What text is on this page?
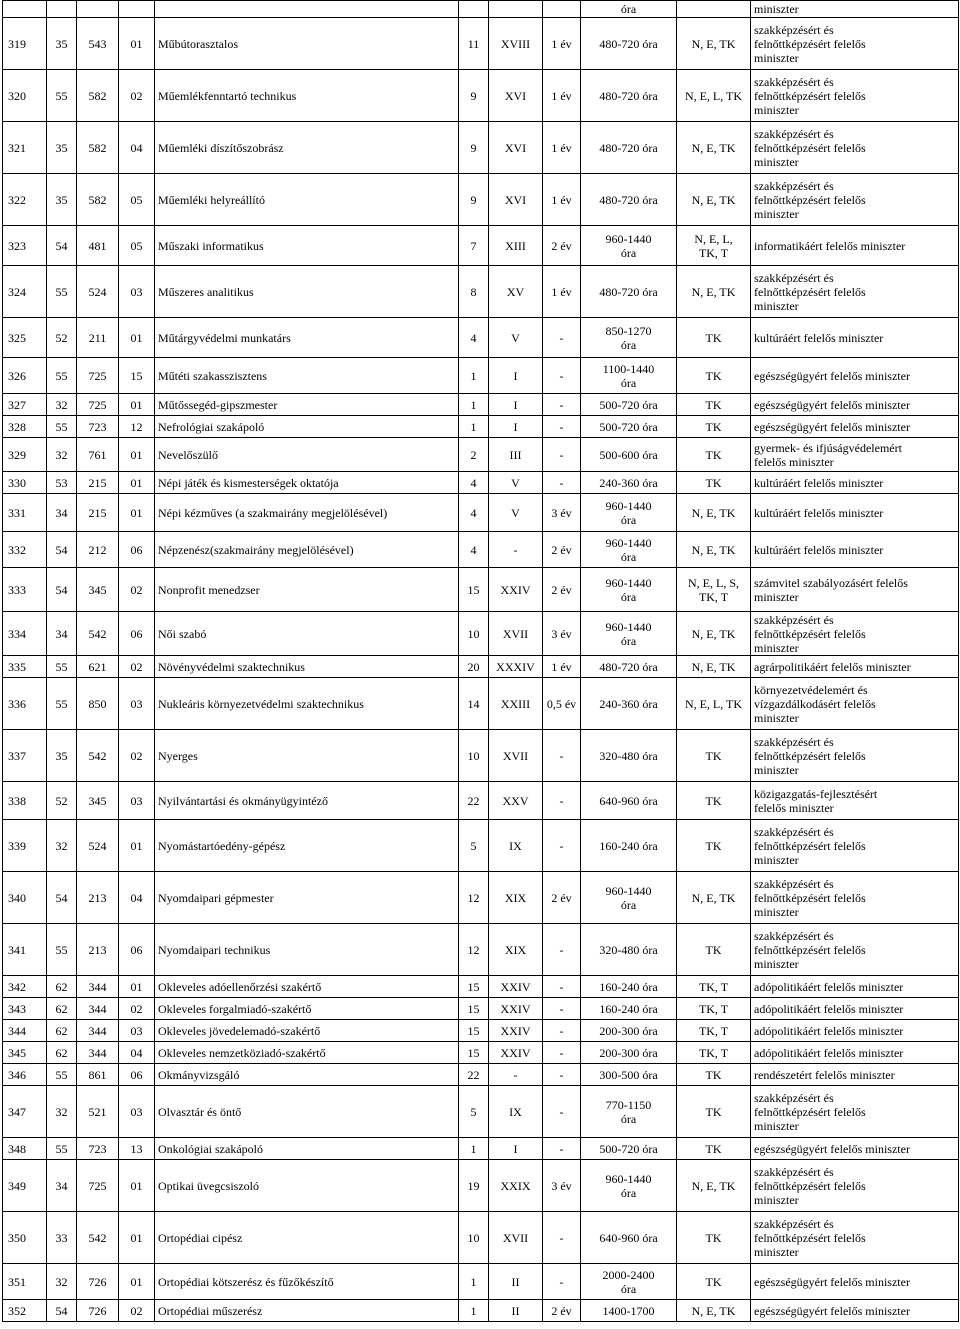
								óra		miniszter
319	35	543	01	Műbútorasztalos	11	XVIII	1 év	480-720 óra	N, E, TK	szakképzésért és
felnőttképzésért felelős
miniszter
320	55	582	02	Műemlékfenntartó technikus	9	XVI	1 év	480-720 óra	N, E, L, TK	szakképzésért és
felnőttképzésért felelős
miniszter
321	35	582	04	Műemléki díszítőszobrász	9	XVI	1 év	480-720 óra	N, E, TK	szakképzésért és
felnőttképzésért felelős
miniszter
322	35	582	05	Műemléki helyreállító	9	XVI	1 év	480-720 óra	N, E, TK	szakképzésért és
felnőttképzésért felelős
miniszter
323	54	481	05	Műszaki informatikus	7	XIII	2 év	960-1440
óra	N, E, L,
TK, T	informatikáért felelős miniszter
324	55	524	03	Műszeres analitikus	8	XV	1 év	480-720 óra	N, E, TK	szakképzésért és
felnőttképzésért felelős
miniszter
325	52	211	01	Műtárgyvédelmi munkatárs	4	V	-	850-1270
óra	TK	kultúráért felelős miniszter
326	55	725	15	Műtéti szakasszisztens	1	I	-	1100-1440
óra	TK	egészségügyért felelős miniszter
327	32	725	01	Műtőssegéd-gipszmester	1	I	-	500-720 óra	TK	egészségügyért felelős miniszter
328	55	723	12	Nefrológiai szakápoló	1	I	-	500-720 óra	TK	egészségügyért felelős miniszter
329	32	761	01	Nevelőszülő	2	III	-	500-600 óra	TK	gyermek- és ifjúságvédelemért
felelős miniszter
330	53	215	01	Népi játék és kismesterségek oktatója	4	V	-	240-360 óra	TK	kultúráért felelős miniszter
331	34	215	01	Népi kézműves (a szakmairány megjelölésével)	4	V	3 év	960-1440
óra	N, E, TK	kultúráért felelős miniszter
332	54	212	06	Népzenész(szakmairány megjelölésével)	4	-	2 év	960-1440
óra	N, E, TK	kultúráért felelős miniszter
333	54	345	02	Nonprofit menedzser	15	XXIV	2 év	960-1440
óra	N, E, L, S,
TK, T	számvitel szabályozásért felelős
miniszter
334	34	542	06	Női szabó	10	XVII	3 év	960-1440
óra	N, E, TK	szakképzésért és
felnőttképzésért felelős
miniszter
335	55	621	02	Növényvédelmi szaktechnikus	20	XXXIV	1 év	480-720 óra	N, E, TK	agrárpolitikáért felelős miniszter
336	55	850	03	Nukleáris környezetvédelmi szaktechnikus	14	XXIII	0,5 év	240-360 óra	N, E, L, TK	környezetvédelemért és
vízgazdálkodásért felelős
miniszter
337	35	542	02	Nyerges	10	XVII	-	320-480 óra	TK	szakképzésért és
felnőttképzésért felelős
miniszter
338	52	345	03	Nyilvántartási és okmányügyintéző	22	XXV	-	640-960 óra	TK	közigazgatás-fejlesztésért
felelős miniszter
339	32	524	01	Nyomástartóedény-gépész	5	IX	-	160-240 óra	TK	szakképzésért és
felnőttképzésért felelős
miniszter
340	54	213	04	Nyomdaipari gépmester	12	XIX	2 év	960-1440
óra	N, E, TK	szakképzésért és
felnőttképzésért felelős
miniszter
341	55	213	06	Nyomdaipari technikus	12	XIX	-	320-480 óra	TK	szakképzésért és
felnőttképzésért felelős
miniszter
342	62	344	01	Okleveles adóellenőrzési szakértő	15	XXIV	-	160-240 óra	TK, T	adópolitikáért felelős miniszter
343	62	344	02	Okleveles forgalmiadó-szakértő	15	XXIV	-	160-240 óra	TK, T	adópolitikáért felelős miniszter
344	62	344	03	Okleveles jövedelemadó-szakértő	15	XXIV	-	200-300 óra	TK, T	adópolitikáért felelős miniszter
345	62	344	04	Okleveles nemzetköziadó-szakértő	15	XXIV	-	200-300 óra	TK, T	adópolitikáért felelős miniszter
346	55	861	06	Okmányvizsgáló	22	-	-	300-500 óra	TK	rendészetért felelős miniszter
347	32	521	03	Olvasztár és öntő	5	IX	-	770-1150
óra	TK	szakképzésért és
felnőttképzésért felelős
miniszter
348	55	723	13	Onkológiai szakápoló	1	I	-	500-720 óra	TK	egészségügyért felelős miniszter
349	34	725	01	Optikai üvegcsiszoló	19	XXIX	3 év	960-1440
óra	N, E, TK	szakképzésért és
felnőttképzésért felelős
miniszter
350	33	542	01	Ortopédiai cipész	10	XVII	-	640-960 óra	TK	szakképzésért és
felnőttképzésért felelős
miniszter
351	32	726	01	Ortopédiai kötszerész és fűzőkészítő	1	II	-	2000-2400
óra	TK	egészségügyért felelős miniszter
352	54	726	02	Ortopédiai műszerész	1	II	2 év	1400-1700	N, E, TK	egészségügyért felelős miniszter
